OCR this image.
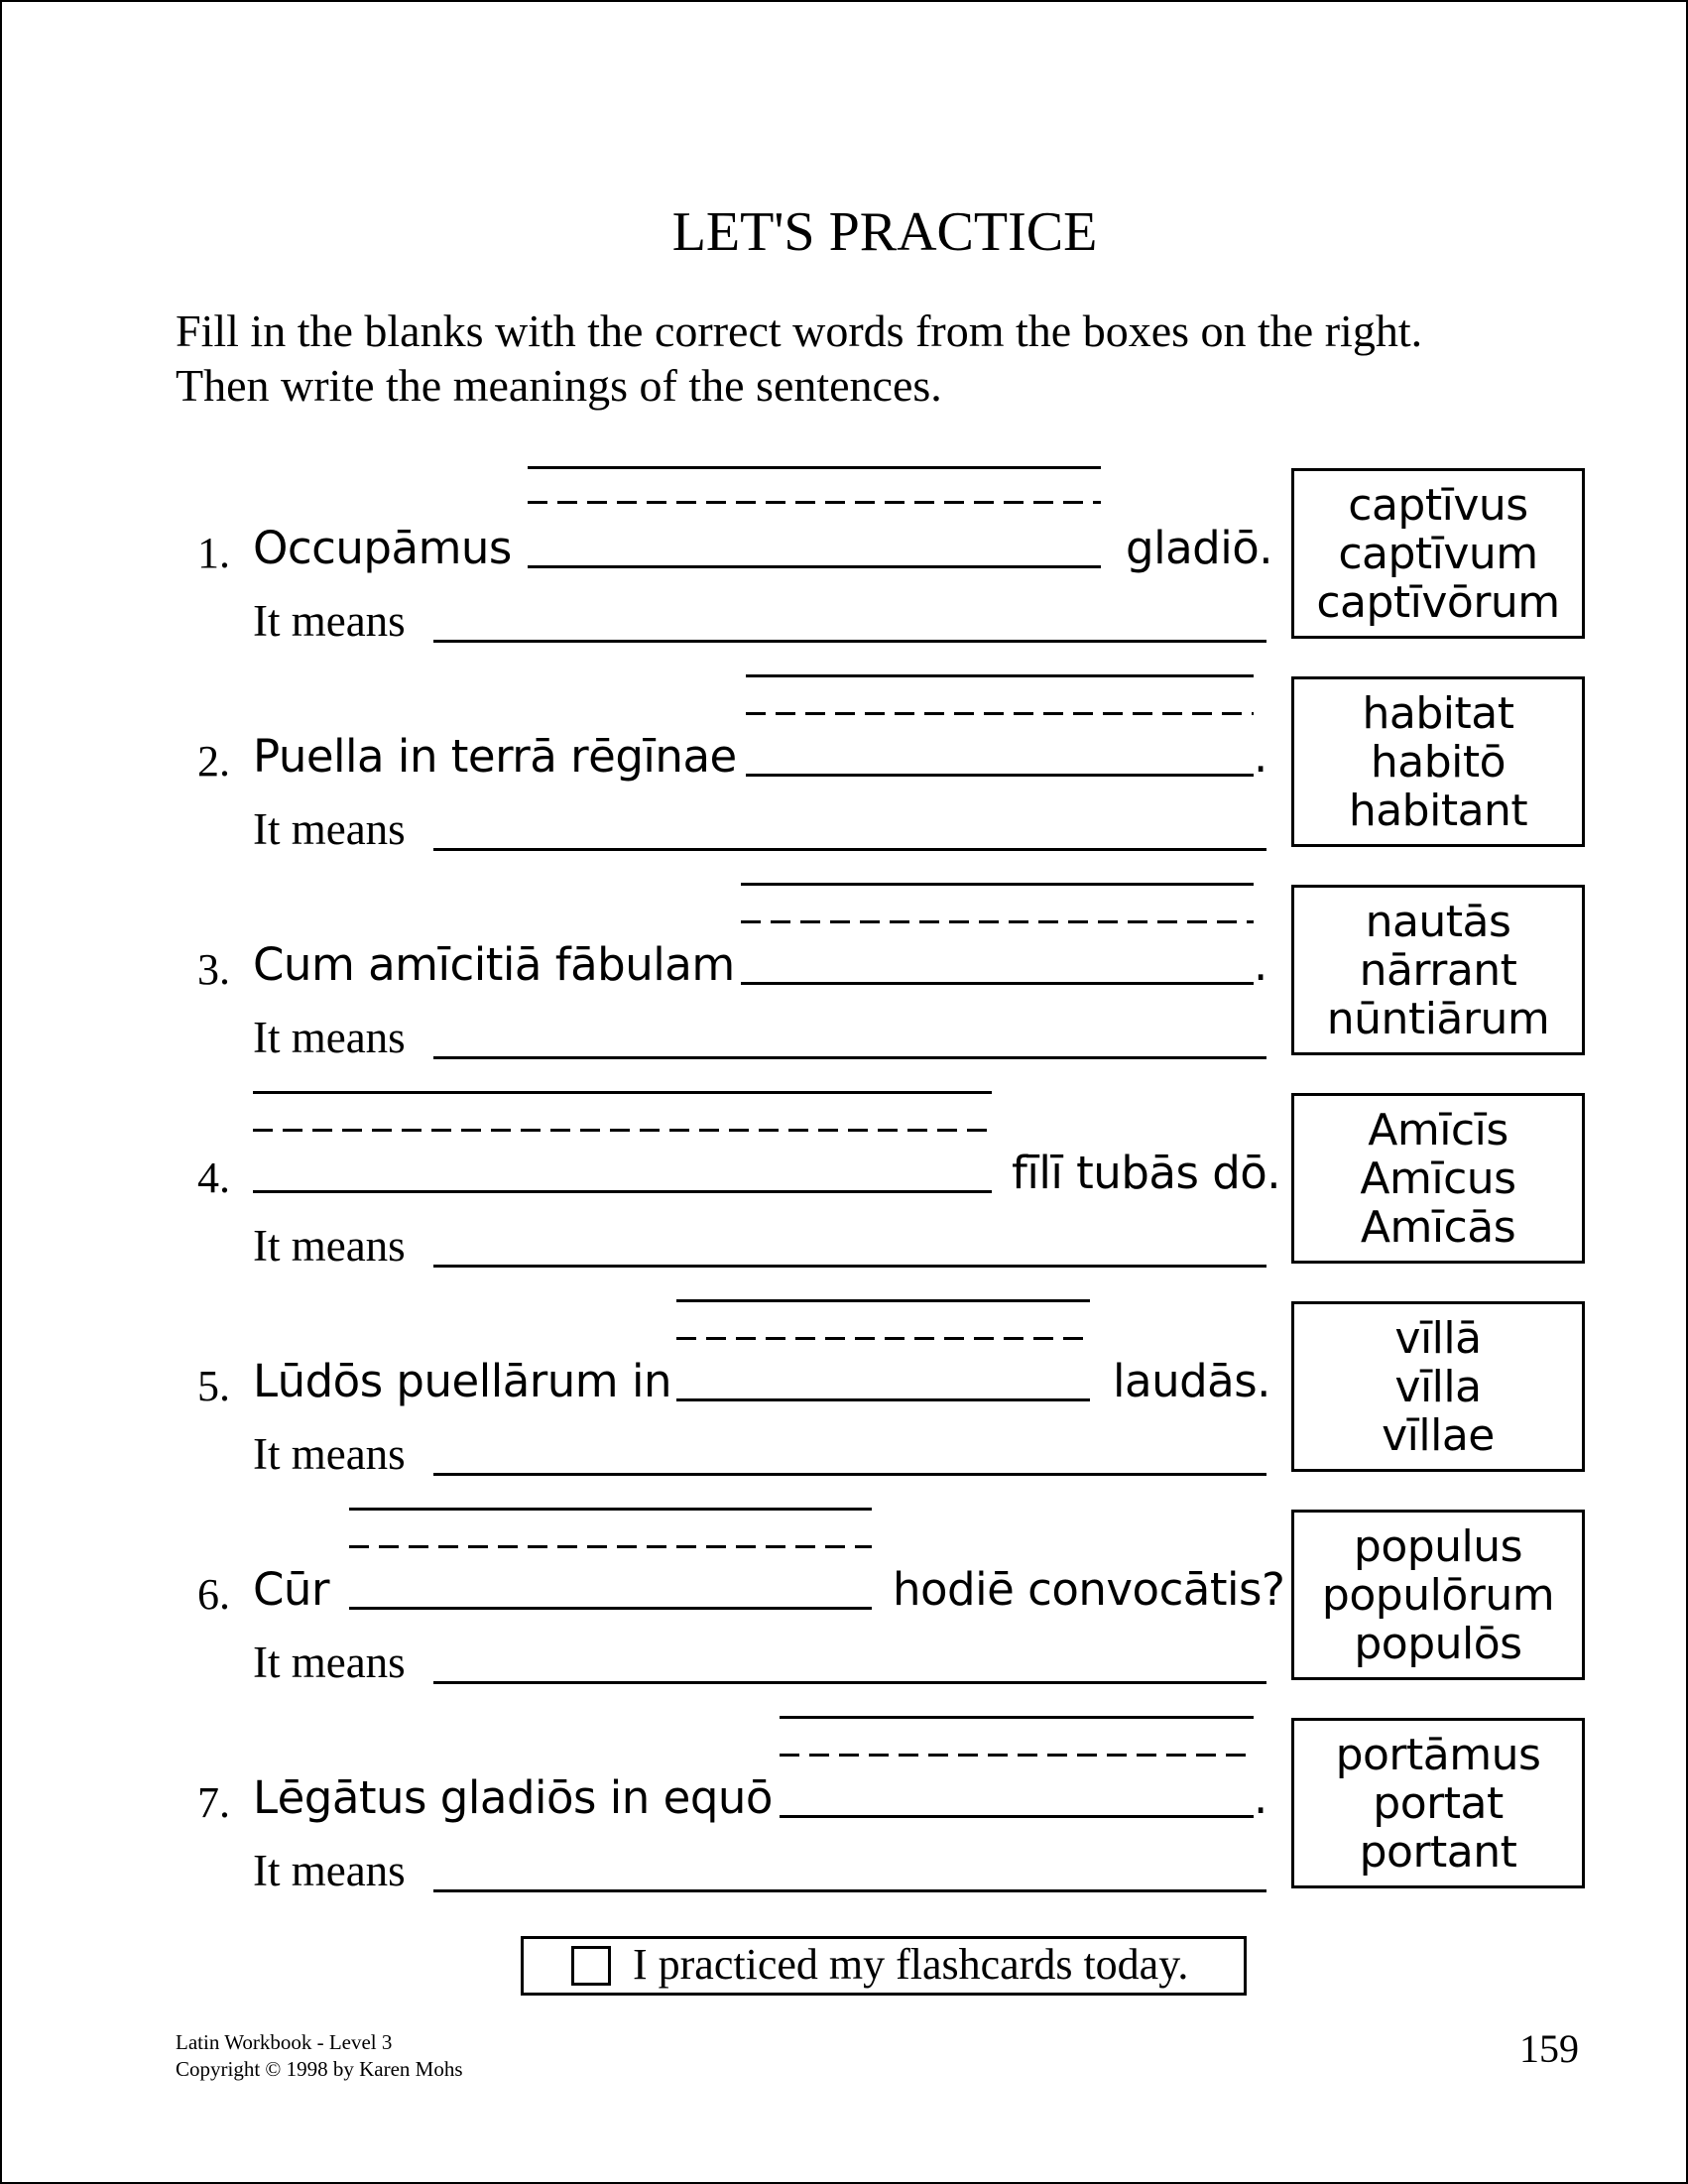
LET'S PRACTICE
Fill in the blanks with the correct words from the boxes on the right.
Then write the meanings of the sentences.
1. Occupāmus	gladiō.
It means
captīvus
captīvum
captīvōrum
2. Puella in terrā rēgīnae	.
It means
habitat
habitō
habitant
3. Cum amīcitiā fābulam	.
It means
nautās
nārrant
nūntiārum
4.	fīlī tubās dō.
It means
Amīcīs
Amīcus
Amīcās
5. Lūdōs puellārum in	laudās.
It means
vīllā
vīlla
vīllae
6. Cūr	hodiē convocātis?
It means
populus
populōrum
populōs
7. Lēgātus gladiōs in equō	.
It means
portāmus
portat
portant
I practiced my flashcards today.
Latin Workbook - Level 3
Copyright © 1998 by Karen Mohs	159
